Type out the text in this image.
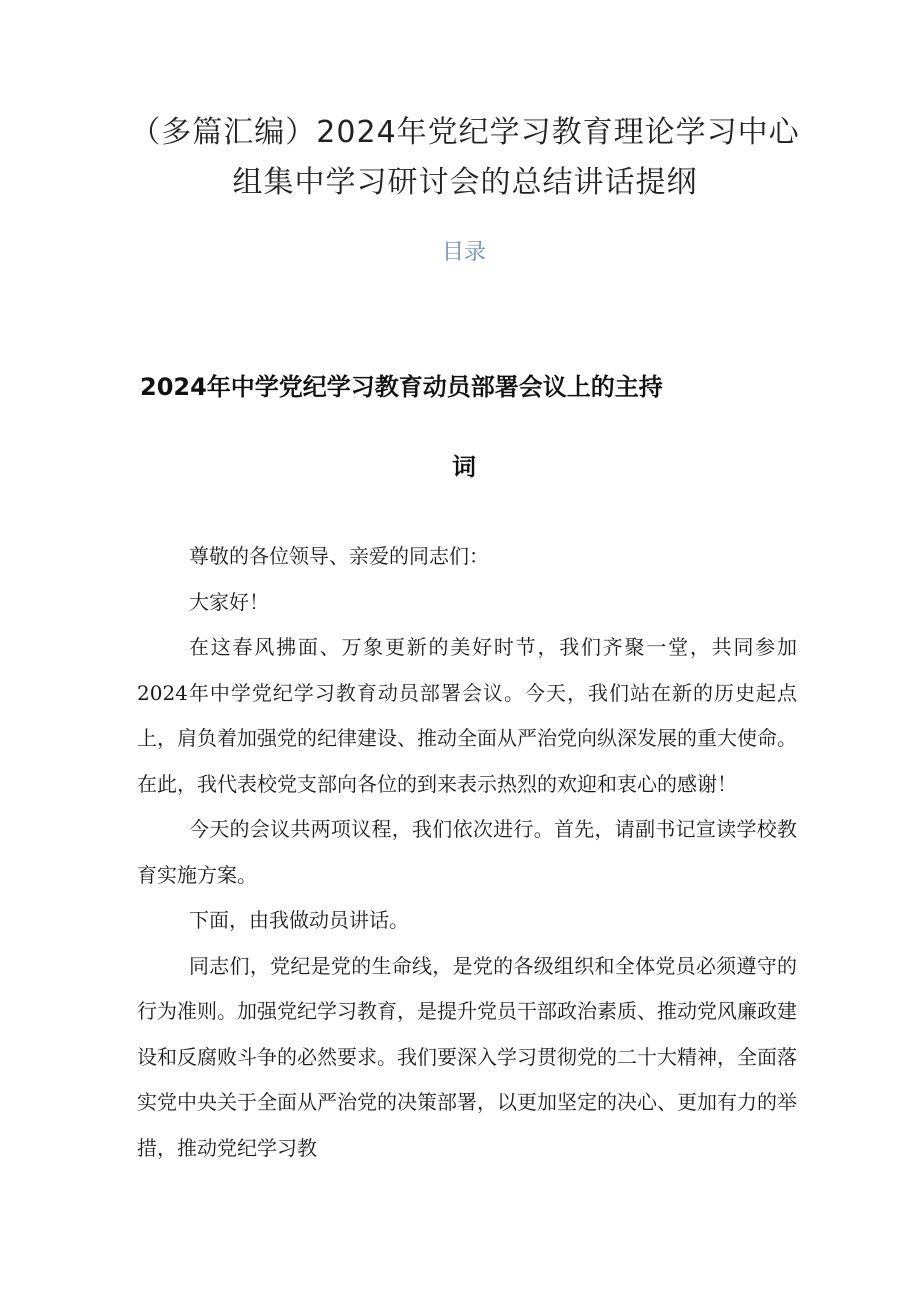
（多篇汇编）2024年党纪学习教育理论学习中心组集中学习研讨会的总结讲话提纲
目录
2024年中学党纪学习教育动员部署会议上的主持
词

尊敬的各位领导、亲爱的同志们：

大家好！

在这春风拂面、万象更新的美好时节，我们齐聚一堂，共同参加2024年中学党纪学习教育动员部署会议。今天，我们站在新的历史起点上，肩负着加强党的纪律建设、推动全面从严治党向纵深发展的重大使命。在此，我代表校党支部向各位的到来表示热烈的欢迎和衷心的感谢！

今天的会议共两项议程，我们依次进行。首先，请副书记宣读学校教育实施方案。

下面，由我做动员讲话。

同志们，党纪是党的生命线，是党的各级组织和全体党员必须遵守的行为准则。加强党纪学习教育，是提升党员干部政治素质、推动党风廉政建设和反腐败斗争的必然要求。我们要深入学习贯彻党的二十大精神，全面落实党中央关于全面从严治党的决策部署，以更加坚定的决心、更加有力的举措，推动党纪学习教
